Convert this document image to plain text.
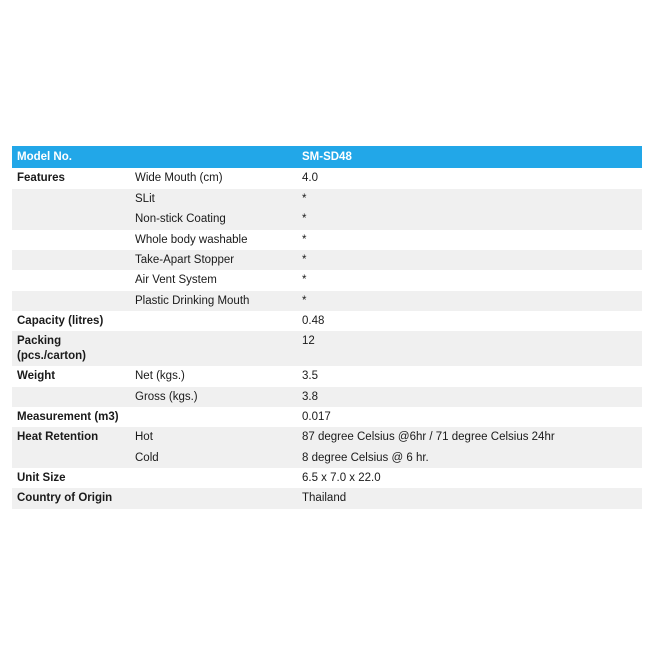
Model No.		SM-SD48
Features	Wide Mouth (cm)	4.0
	SLit	*
	Non-stick Coating	*
	Whole body washable	*
	Take-Apart Stopper	*
	Air Vent System	*
	Plastic Drinking Mouth	*
Capacity (litres)		0.48
Packing (pcs./carton)		12
Weight	Net (kgs.)	3.5
	Gross (kgs.)	3.8
Measurement (m3)		0.017
Heat Retention	Hot	87 degree Celsius @6hr / 71 degree Celsius 24hr
	Cold	8 degree Celsius @ 6 hr.
Unit Size		6.5 x 7.0 x 22.0
Country of Origin		Thailand
